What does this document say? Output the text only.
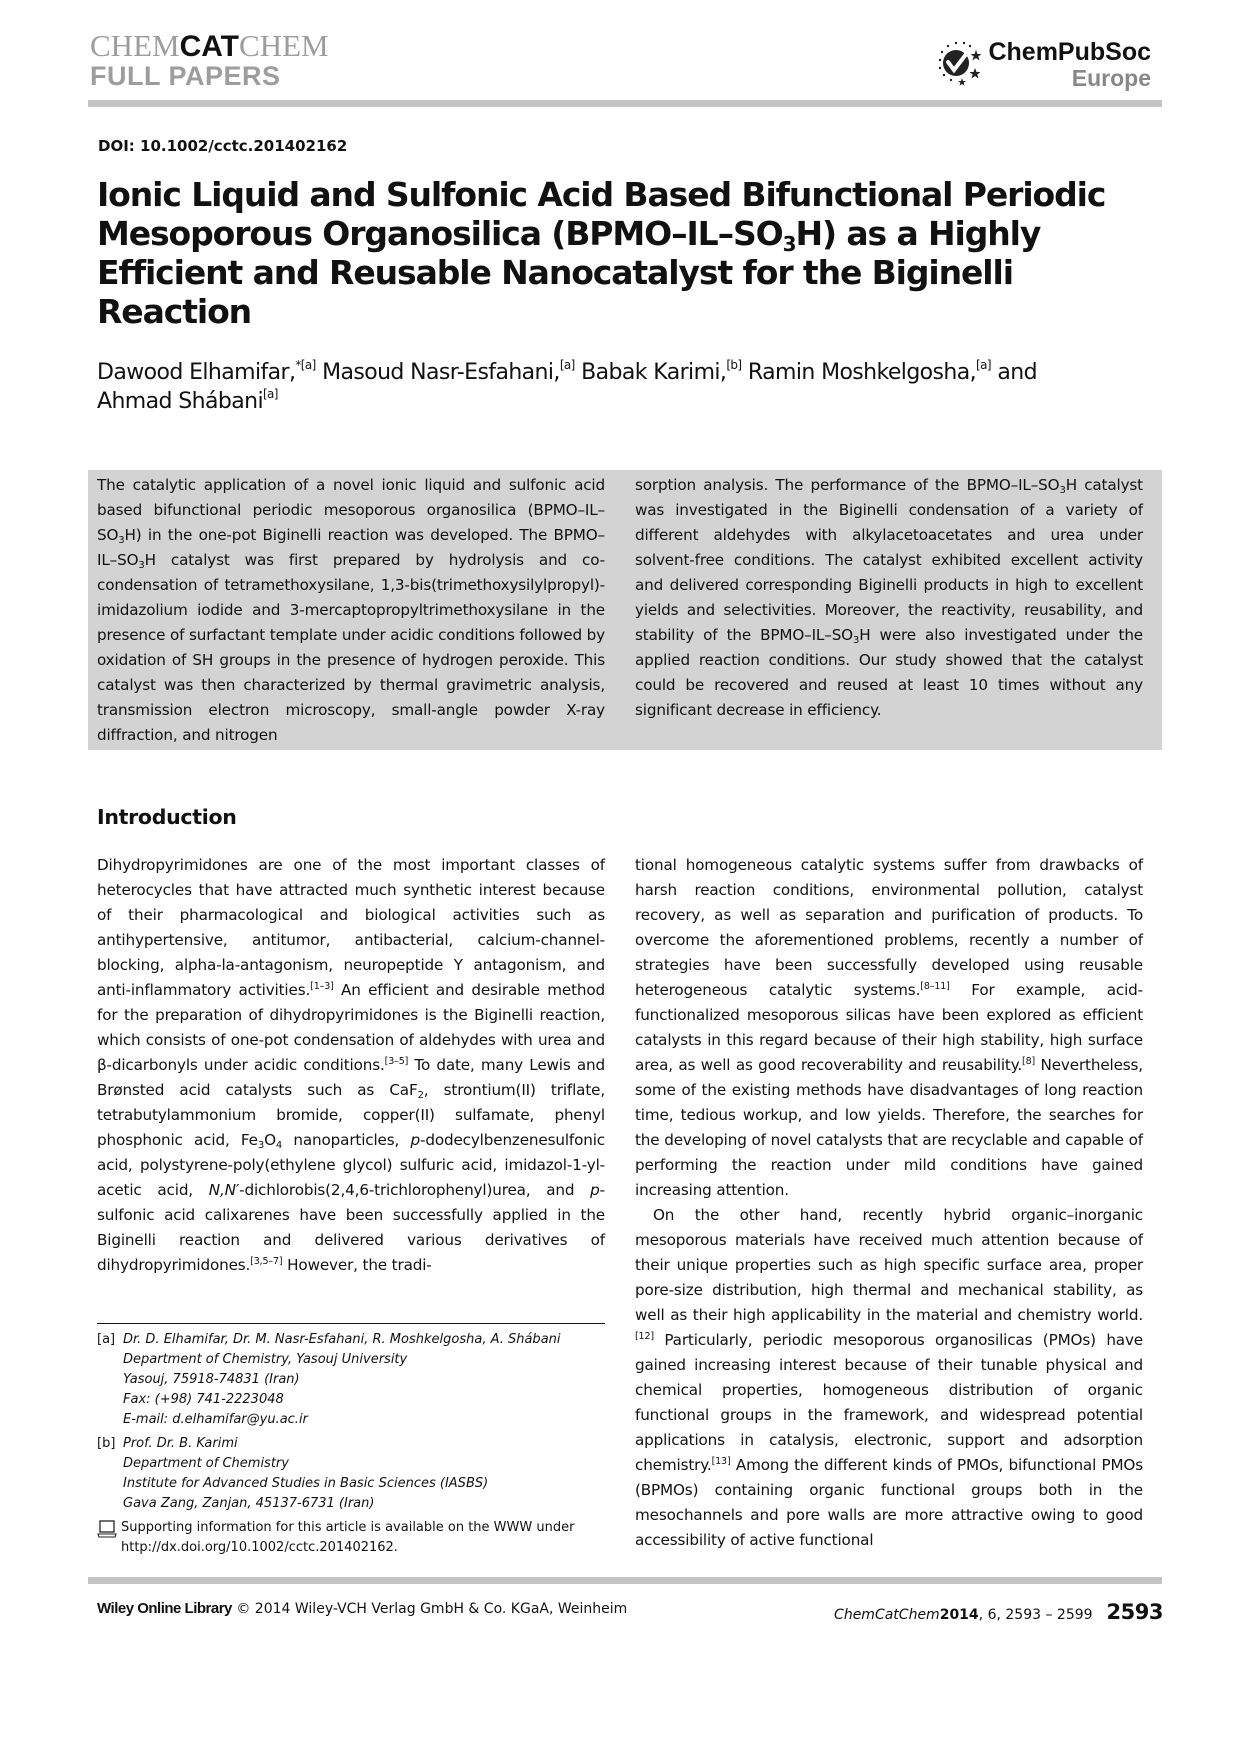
CHEMCATCHEM
FULL PAPERS
ChemPubSoc
Europe
DOI: 10.1002/cctc.201402162
Ionic Liquid and Sulfonic Acid Based Bifunctional Periodic
Mesoporous Organosilica $(BPMO-IL-SO_3H)$ as a Highly
Efficient and Reusable Nanocatalyst for the Biginelli
Reaction
Dawood Elhamifar,$^{*[a]}$ Masoud Nasr-Esfahani,[a] Babak Karimi,[b] Ramin Moshkelgosha,[a] and
Ahmad Shábani[a]
The catalytic application of a novel ionic liquid and sulfonic acid based bifunctional periodic mesoporous organosilica $(BPMO-IL-SO_3H)$ in the one-pot Biginelli reaction was developed. The BPMO–$IL-SO_3H$ catalyst was first prepared by hydrolysis and co-condensation of tetramethoxysilane, 1,3-bis(trimethoxysilylpropyl)-imidazolium iodide and 3-mercaptopropyltrimethoxysilane in the presence of surfactant template under acidic conditions followed by oxidation of SH groups in the presence of hydrogen peroxide. This catalyst was then characterized by thermal gravimetric analysis, transmission electron microscopy, small-angle powder X-ray diffraction, and nitrogen
sorption analysis. The performance of the BPMO–$IL-SO_3H$ catalyst was investigated in the Biginelli condensation of a variety of different aldehydes with alkylacetoacetates and urea under solvent-free conditions. The catalyst exhibited excellent activity and delivered corresponding Biginelli products in high to excellent yields and selectivities. Moreover, the reactivity, reusability, and stability of the BPMO–$IL-SO_3H$ were also investigated under the applied reaction conditions. Our study showed that the catalyst could be recovered and reused at least 10 times without any significant decrease in efficiency.
Introduction

Dihydropyrimidones are one of the most important classes of heterocycles that have attracted much synthetic interest because of their pharmacological and biological activities such as antihypertensive, antitumor, antibacterial, calcium-channel-blocking, alpha-la-antagonism, neuropeptide Y antagonism, and anti-inflammatory activities.[1–3] An efficient and desirable method for the preparation of dihydropyrimidones is the Biginelli reaction, which consists of one-pot condensation of aldehydes with urea and β-dicarbonyls under acidic conditions.[3–5] To date, many Lewis and Brønsted acid catalysts such as CaF$_2$, strontium(II) triflate, tetrabutylammonium bromide, copper(II) sulfamate, phenyl phosphonic acid, $Fe_3O_4$ nanoparticles, p-dodecylbenzenesulfonic acid, polystyrene-poly(ethylene glycol) sulfuric acid, imidazol-1-yl-acetic acid, N,N′-dichlorobis(2,4,6-trichlorophenyl)urea, and p-sulfonic acid calixarenes have been successfully applied in the Biginelli reaction and delivered various derivatives of dihydropyrimidones.[3,5–7] However, the tradi-

tional homogeneous catalytic systems suffer from drawbacks of harsh reaction conditions, environmental pollution, catalyst recovery, as well as separation and purification of products. To overcome the aforementioned problems, recently a number of strategies have been successfully developed using reusable heterogeneous catalytic systems.[8–11] For example, acid-functionalized mesoporous silicas have been explored as efficient catalysts in this regard because of their high stability, high surface area, as well as good recoverability and reusability.[8] Nevertheless, some of the existing methods have disadvantages of long reaction time, tedious workup, and low yields. Therefore, the searches for the developing of novel catalysts that are recyclable and capable of performing the reaction under mild conditions have gained increasing attention.

On the other hand, recently hybrid organic–inorganic mesoporous materials have received much attention because of their unique properties such as high specific surface area, proper pore-size distribution, high thermal and mechanical stability, as well as their high applicability in the material and chemistry world.[12] Particularly, periodic mesoporous organosilicas (PMOs) have gained increasing interest because of their tunable physical and chemical properties, homogeneous distribution of organic functional groups in the framework, and widespread potential applications in catalysis, electronic, support and adsorption chemistry.[13] Among the different kinds of PMOs, bifunctional PMOs (BPMOs) containing organic functional groups both in the mesochannels and pore walls are more attractive owing to good accessibility of active functional

[a] Dr. D. Elhamifar, Dr. M. Nasr-Esfahani, R. Moshkelgosha, A. Shábani
Department of Chemistry, Yasouj University
Yasouj, 75918-74831 (Iran)
Fax: (+98) 741-2223048
E-mail: d.elhamifar@yu.ac.ir
[b] Prof. Dr. B. Karimi
Department of Chemistry
Institute for Advanced Studies in Basic Sciences (IASBS)
Gava Zang, Zanjan, 45137-6731 (Iran)
Supporting information for this article is available on the WWW under
http://dx.doi.org/10.1002/cctc.201402162.
Wiley Online Library © 2014 Wiley-VCH Verlag GmbH & Co. KGaA, Weinheim	ChemCatChem 2014 , 6, 2593 – 2599 2593
